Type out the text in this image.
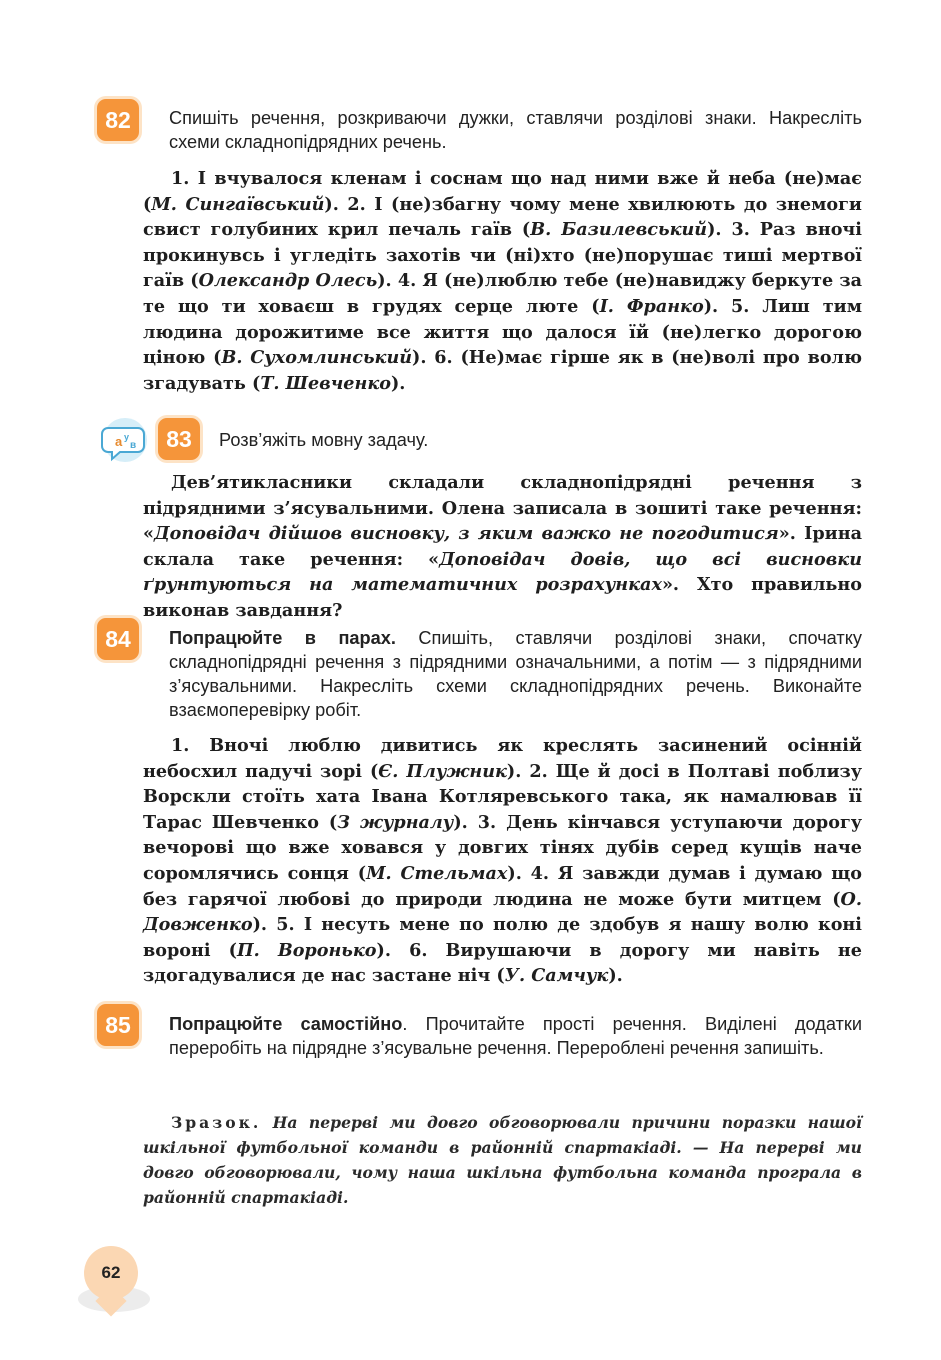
82	Спишіть речення, розкриваючи дужки, ставлячи розділові знаки. Накресліть схеми складнопідрядних речень.
1. І вчувалося кленам і соснам що над ними вже й неба (не)має (М. Сингаївський). 2. І (не)збагну чому мене хвилюють до знемоги свист голубиних крил печаль гаїв (В. Базилевський). 3. Раз вночі прокинувсь і угледіть захотів чи (ні)хто (не)порушає тиші мертвої гаїв (Олександр Олесь). 4. Я (не)люблю тебе (не)навиджу беркуте за те що ти ховаєш в грудях серце люте (І. Франко). 5. Лиш тим людина дорожитиме все життя що далося їй (не)легко дорогою ціною (В. Сухомлинський). 6. (Не)має гірше як в (не)волі про волю згадувать (Т. Шевченко).
a у
в	83	Розв’яжіть мовну задачу.
Дев’ятикласники складали складнопідрядні речення з підрядними з’ясувальними. Олена записала в зошиті таке речення: «Доповідач дійшов висновку, з яким важко не погодитися». Ірина склала таке речення: «Доповідач довів, що всі висновки ґрунтуються на математичних розрахунках». Хто правильно виконав завдання?
84	Попрацюйте в парах. Спишіть, ставлячи розділові знаки, спочатку складнопідрядні речення з підрядними означальними, а потім — з підрядними з’ясувальними. Накресліть схеми складнопідрядних речень. Виконайте взаємоперевірку робіт.
1. Вночі люблю дивитись як креслять засинений осінній небосхил падучі зорі (Є. Плужник). 2. Ще й досі в Полтаві поблизу Ворскли стоїть хата Івана Котляревського така, як намалював її Тарас Шевченко (З журналу). 3. День кінчався уступаючи дорогу вечорові що вже ховався у довгих тінях дубів серед кущів наче соромлячись сонця (М. Стельмах). 4. Я завжди думав і думаю що без гарячої любові до природи людина не може бути митцем (О. Довженко). 5. І несуть мене по полю де здобув я нашу волю коні вороні (П. Воронько). 6. Вирушаючи в дорогу ми навіть не здогадувалися де нас застане ніч (У. Самчук).
85	Попрацюйте самостійно. Прочитайте прості речення. Виділені додатки переробіть на підрядне з’ясувальне речення. Перероблені речення запишіть.
Зразок. На перерві ми довго обговорювали причини поразки нашої шкільної футбольної команди в районній спартакіаді. — На перерві ми довго обговорювали, чому наша шкільна футбольна команда програла в районній спартакіаді.
62
